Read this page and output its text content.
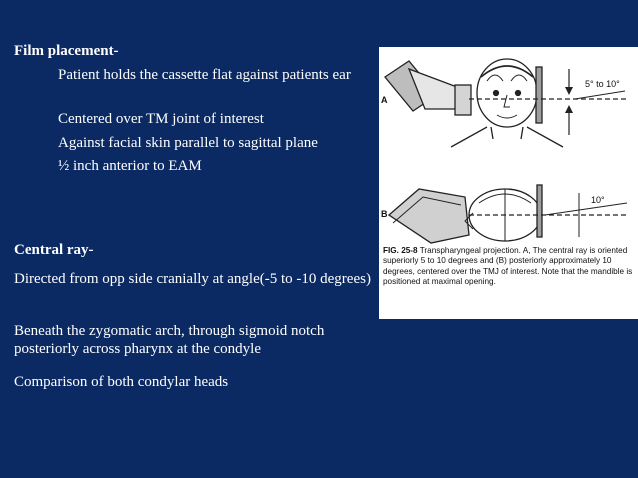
Film placement-
Patient holds the cassette flat against patients ear
Centered over TM joint of interest
Against facial skin parallel to sagittal plane
½ inch anterior to EAM
Central ray-
Directed from opp side cranially at angle(-5 to -10 degrees)
Beneath the zygomatic arch, through sigmoid notch posteriorly across pharynx at the condyle
Comparison of both condylar heads
A
B
5° to 10°
10°
FIG. 25-8 Transpharyngeal projection. A, The central ray is oriented superiorly 5 to 10 degrees and (B) posteriorly approximately 10 degrees, centered over the TMJ of interest. Note that the mandible is positioned at maximal opening.
